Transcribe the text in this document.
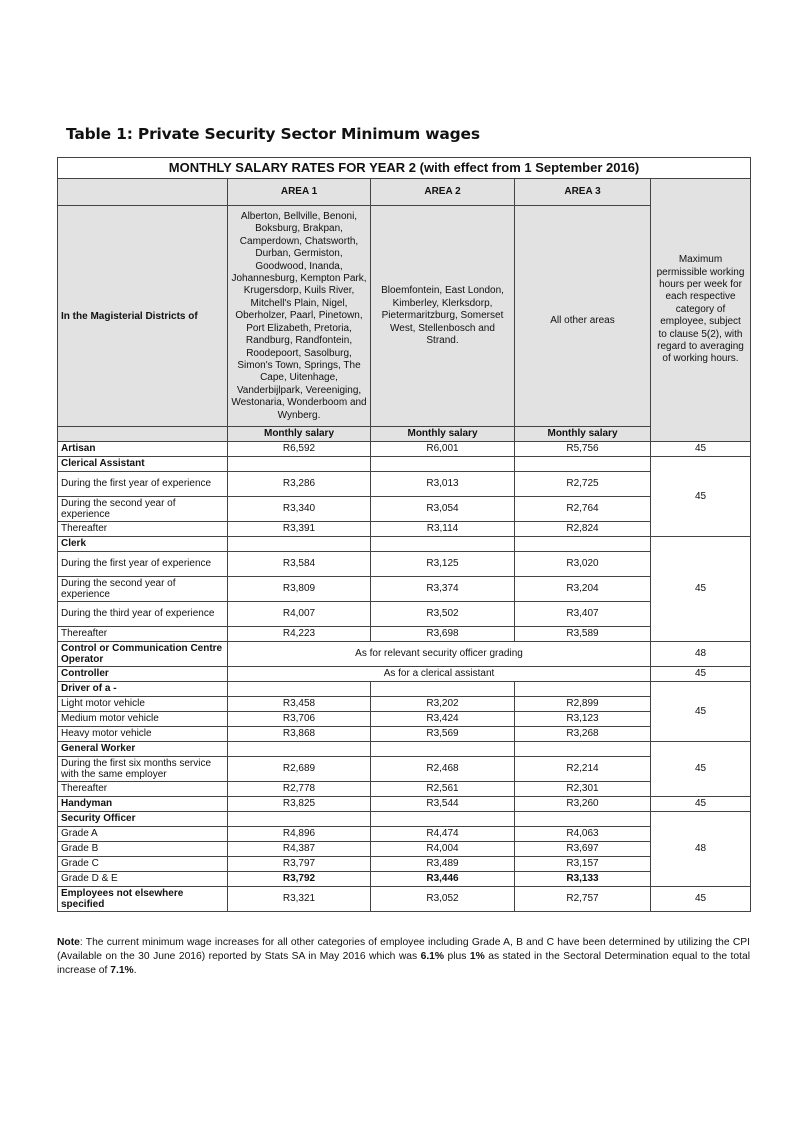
Table 1: Private Security Sector Minimum wages
MONTHLY SALARY RATES FOR YEAR 2 (with effect from 1 September 2016)				
	AREA 1	AREA 2	AREA 3	Maximum permissible working hours per week for each respective category of employee, subject to clause 5(2), with regard to averaging of working hours.
In the Magisterial Districts of	Alberton, Bellville, Benoni, Boksburg, Brakpan, Camperdown, Chatsworth, Durban, Germiston, Goodwood, Inanda, Johannesburg, Kempton Park, Krugersdorp, Kuils River, Mitchell's Plain, Nigel, Oberholzer, Paarl, Pinetown, Port Elizabeth, Pretoria, Randburg, Randfontein, Roodepoort, Sasolburg, Simon's Town, Springs, The Cape, Uitenhage, Vanderbijlpark, Vereeniging, Westonaria, Wonderboom and Wynberg.	Bloemfontein, East London, Kimberley, Klerksdorp, Pietermaritzburg, Somerset West, Stellenbosch and Strand.	All other areas	
	Monthly salary	Monthly salary	Monthly salary	
Artisan	R6,592	R6,001	R5,756	45
Clerical Assistant				45
During the first year of experience	R3,286	R3,013	R2,725	
During the second year of experience	R3,340	R3,054	R2,764	
Thereafter	R3,391	R3,114	R2,824	
Clerk				45
During the first year of experience	R3,584	R3,125	R3,020	
During the second year of experience	R3,809	R3,374	R3,204	
During the third year of experience	R4,007	R3,502	R3,407	
Thereafter	R4,223	R3,698	R3,589	
Control or Communication Centre Operator	As for relevant security officer grading			48
Controller	As for a clerical assistant			45
Driver of a -				45
Light motor vehicle	R3,458	R3,202	R2,899	
Medium motor vehicle	R3,706	R3,424	R3,123	
Heavy motor vehicle	R3,868	R3,569	R3,268	
General Worker				45
During the first six months service with the same employer	R2,689	R2,468	R2,214	
Thereafter	R2,778	R2,561	R2,301	
Handyman	R3,825	R3,544	R3,260	45
Security Officer				48
Grade A	R4,896	R4,474	R4,063	
Grade B	R4,387	R4,004	R3,697	
Grade C	R3,797	R3,489	R3,157	
Grade D & E	R3,792	R3,446	R3,133	
Employees not elsewhere specified	R3,321	R3,052	R2,757	45
Note: The current minimum wage increases for all other categories of employee including Grade A, B and C have been determined by utilizing the CPI (Available on the 30 June 2016) reported by Stats SA in May 2016 which was 6.1% plus 1% as stated in the Sectoral Determination equal to the total increase of 7.1%.
